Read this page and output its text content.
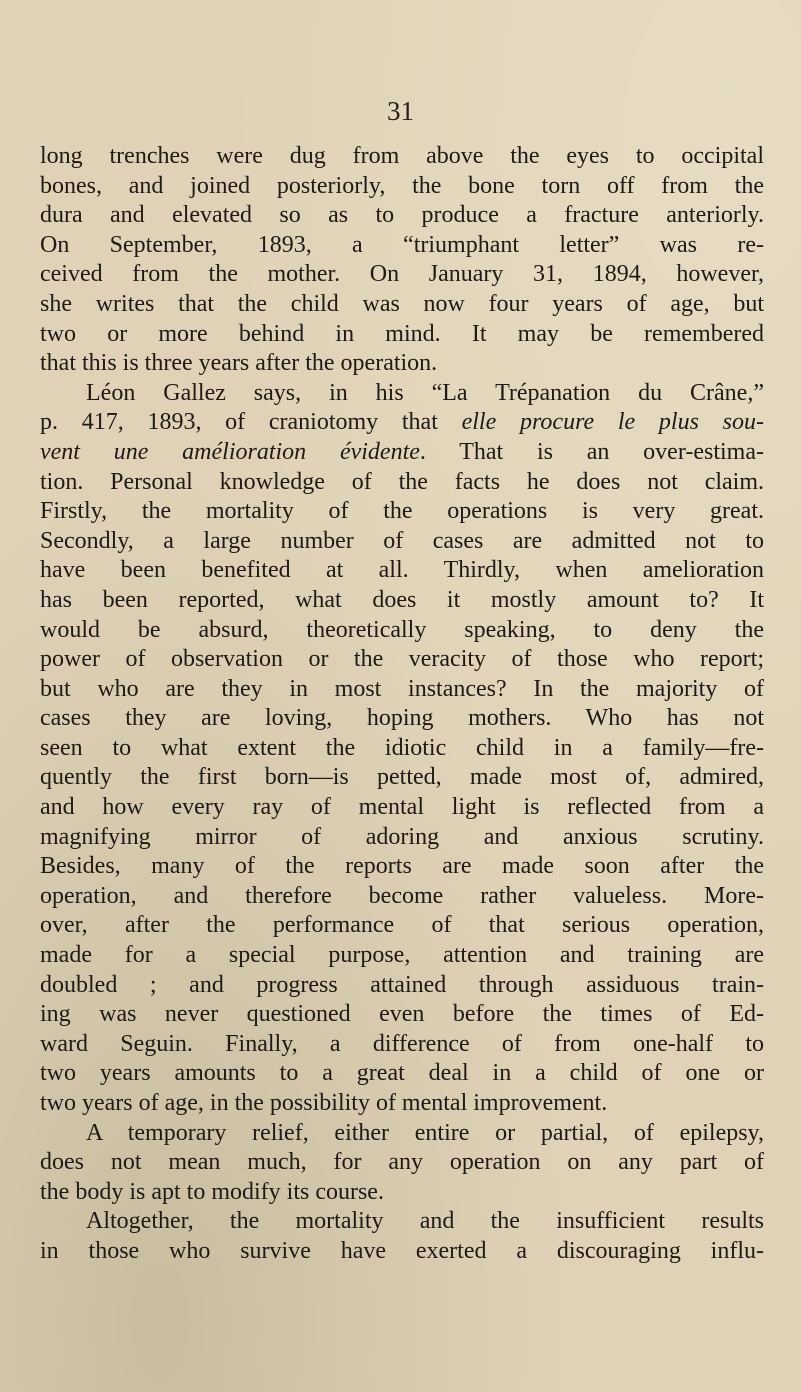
31
long trenches were dug from above the eyes to occipital
bones, and joined posteriorly, the bone torn off from the
dura and elevated so as to produce a fracture anteriorly.
On September, 1893, a “triumphant letter” was re-
ceived from the mother. On January 31, 1894, however,
she writes that the child was now four years of age, but
two or more behind in mind. It may be remembered
that this is three years after the operation.
Léon Gallez says, in his “La Trépanation du Crâne,”
p. 417, 1893, of craniotomy that elle procure le plus sou-
vent une amélioration évidente. That is an over-estima-
tion. Personal knowledge of the facts he does not claim.
Firstly, the mortality of the operations is very great.
Secondly, a large number of cases are admitted not to
have been benefited at all. Thirdly, when amelioration
has been reported, what does it mostly amount to? It
would be absurd, theoretically speaking, to deny the
power of observation or the veracity of those who report;
but who are they in most instances? In the majority of
cases they are loving, hoping mothers. Who has not
seen to what extent the idiotic child in a family—fre-
quently the first born—is petted, made most of, admired,
and how every ray of mental light is reflected from a
magnifying mirror of adoring and anxious scrutiny.
Besides, many of the reports are made soon after the
operation, and therefore become rather valueless. More-
over, after the performance of that serious operation,
made for a special purpose, attention and training are
doubled ; and progress attained through assiduous train-
ing was never questioned even before the times of Ed-
ward Seguin. Finally, a difference of from one-half to
two years amounts to a great deal in a child of one or
two years of age, in the possibility of mental improvement.
A temporary relief, either entire or partial, of epilepsy,
does not mean much, for any operation on any part of
the body is apt to modify its course.
Altogether, the mortality and the insufficient results
in those who survive have exerted a discouraging influ-
